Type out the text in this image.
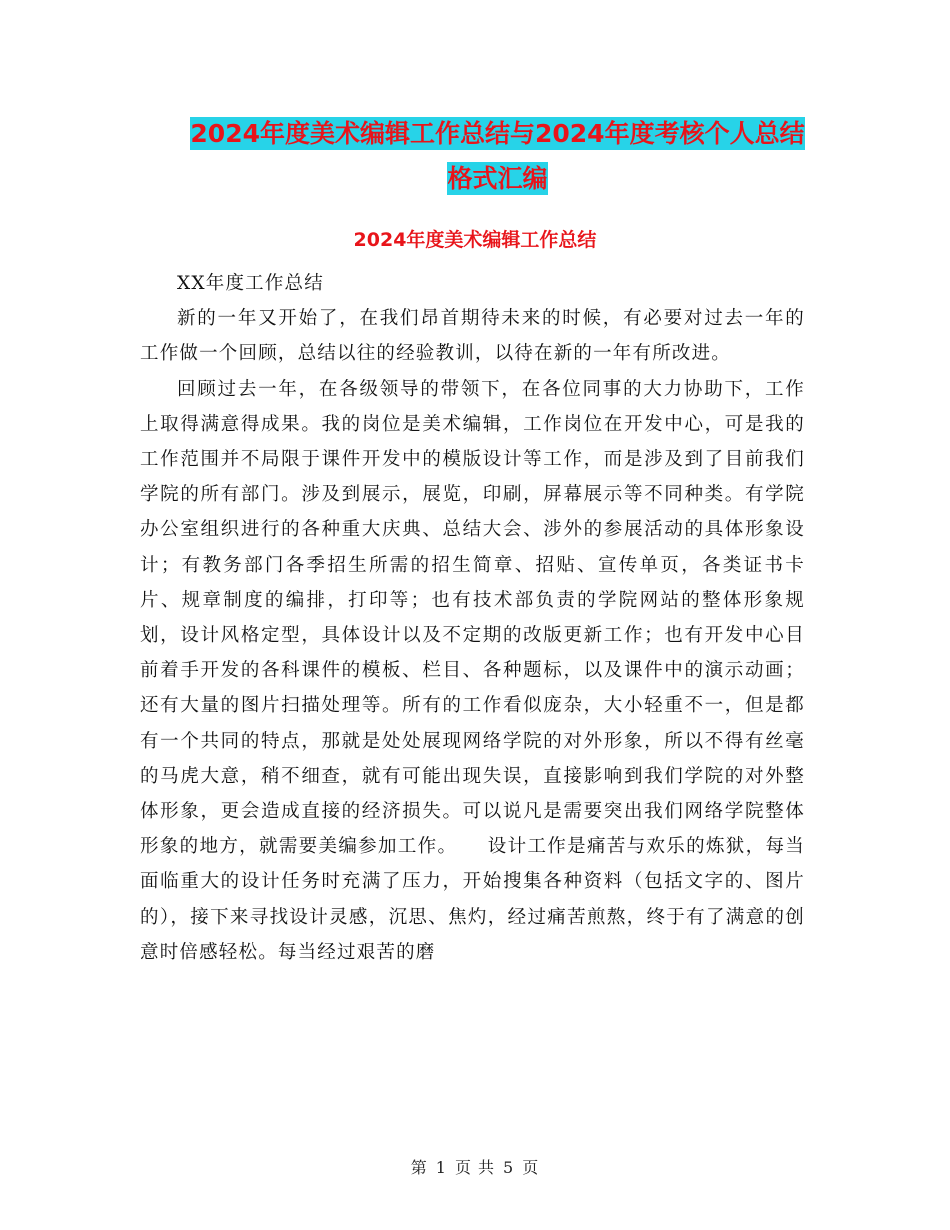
2024年度美术编辑工作总结与2024年度考核个人总结
格式汇编
2024年度美术编辑工作总结

XX年度工作总结

新的一年又开始了，在我们昂首期待未来的时候，有必要对过去一年的工作做一个回顾，总结以往的经验教训，以待在新的一年有所改进。

回顾过去一年，在各级领导的带领下，在各位同事的大力协助下，工作上取得满意得成果。我的岗位是美术编辑，工作岗位在开发中心，可是我的工作范围并不局限于课件开发中的模版设计等工作，而是涉及到了目前我们学院的所有部门。涉及到展示，展览，印刷，屏幕展示等不同种类。有学院办公室组织进行的各种重大庆典、总结大会、涉外的参展活动的具体形象设计；有教务部门各季招生所需的招生简章、招贴、宣传单页，各类证书卡片、规章制度的编排，打印等；也有技术部负责的学院网站的整体形象规划，设计风格定型，具体设计以及不定期的改版更新工作；也有开发中心目前着手开发的各科课件的模板、栏目、各种题标，以及课件中的演示动画；还有大量的图片扫描处理等。所有的工作看似庞杂，大小轻重不一，但是都有一个共同的特点，那就是处处展现网络学院的对外形象，所以不得有丝毫的马虎大意，稍不细查，就有可能出现失误，直接影响到我们学院的对外整体形象，更会造成直接的经济损失。可以说凡是需要突出我们网络学院整体形象的地方，就需要美编参加工作。　　设计工作是痛苦与欢乐的炼狱，每当面临重大的设计任务时充满了压力，开始搜集各种资料（包括文字的、图片的），接下来寻找设计灵感，沉思、焦灼，经过痛苦煎熬，终于有了满意的创意时倍感轻松。每当经过艰苦的磨

第 1 页 共 5 页
